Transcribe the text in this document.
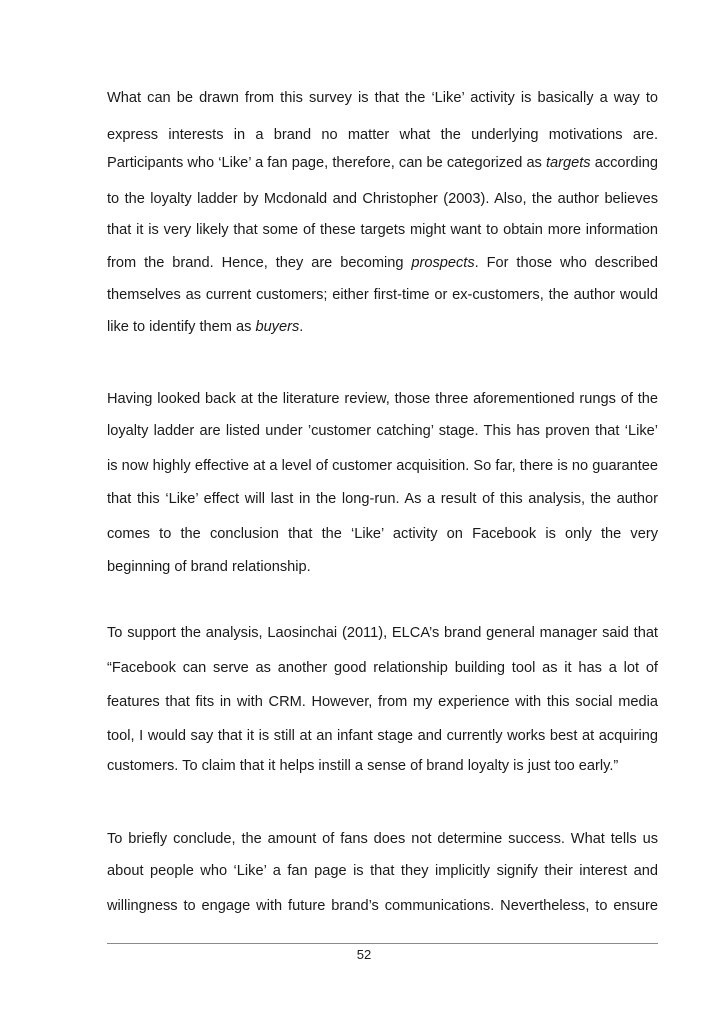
What can be drawn from this survey is that the ‘Like’ activity is basically a way to
express interests in a brand no matter what the underlying motivations are.
Participants who ‘Like’ a fan page, therefore, can be categorized as targets according
to the loyalty ladder by Mcdonald and Christopher (2003). Also, the author believes
that it is very likely that some of these targets might want to obtain more information
from the brand. Hence, they are becoming prospects. For those who described
themselves as current customers; either first-time or ex-customers, the author would
like to identify them as buyers.
Having looked back at the literature review, those three aforementioned rungs of the
loyalty ladder are listed under ’customer catching’ stage. This has proven that ‘Like’
is now highly effective at a level of customer acquisition. So far, there is no guarantee
that this ‘Like’ effect will last in the long-run. As a result of this analysis, the author
comes to the conclusion that the ‘Like’ activity on Facebook is only the very
beginning of brand relationship.
To support the analysis, Laosinchai (2011), ELCA’s brand general manager said that
“Facebook can serve as another good relationship building tool as it has a lot of
features that fits in with CRM. However, from my experience with this social media
tool, I would say that it is still at an infant stage and currently works best at acquiring
customers. To claim that it helps instill a sense of brand loyalty is just too early.”
To briefly conclude, the amount of fans does not determine success. What tells us
about people who ‘Like’ a fan page is that they implicitly signify their interest and
willingness to engage with future brand’s communications. Nevertheless, to ensure
52
